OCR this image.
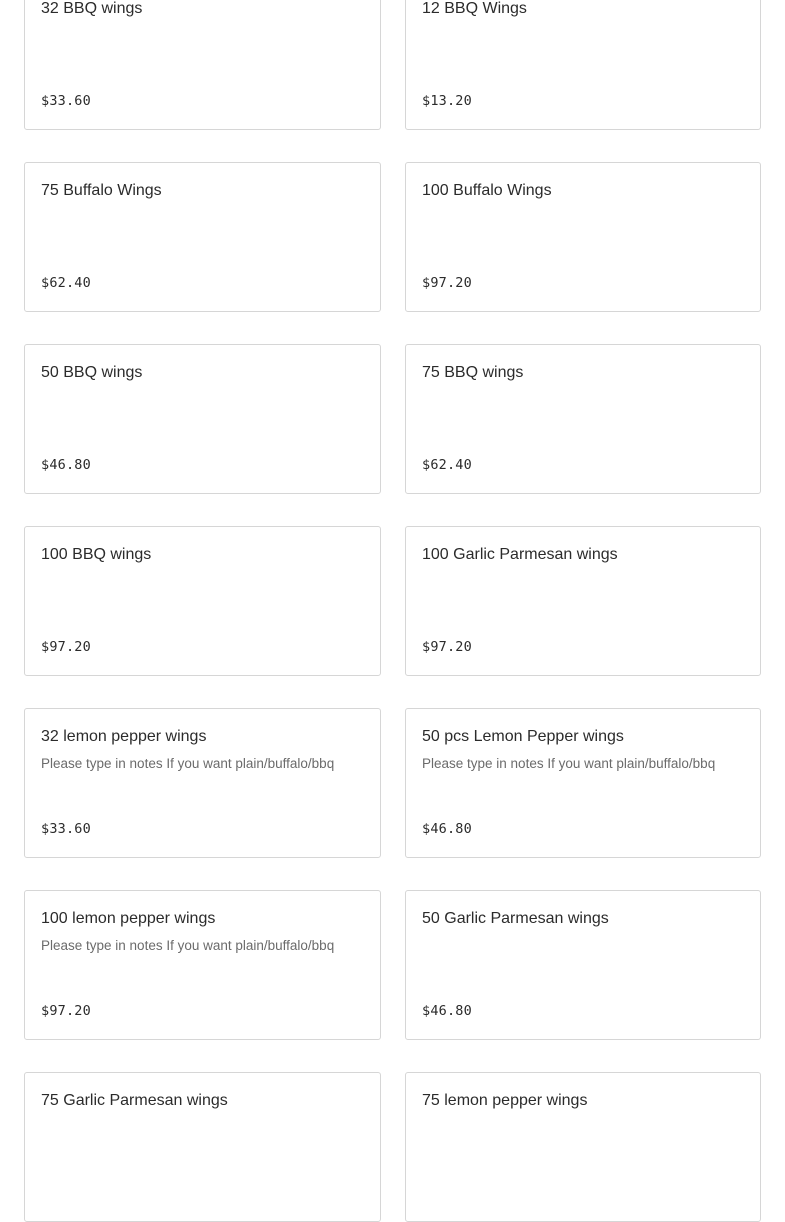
32 BBQ wings
$33.60
12 BBQ Wings
$13.20
75 Buffalo Wings
$62.40
100 Buffalo Wings
$97.20
50 BBQ wings
$46.80
75 BBQ wings
$62.40
100 BBQ wings
$97.20
100 Garlic Parmesan wings
$97.20
32 lemon pepper wings
Please type in notes If you want plain/buffalo/bbq
$33.60
50 pcs Lemon Pepper wings
Please type in notes If you want plain/buffalo/bbq
$46.80
100 lemon pepper wings
Please type in notes If you want plain/buffalo/bbq
$97.20
50 Garlic Parmesan wings
$46.80
75 Garlic Parmesan wings	75 lemon pepper wings
